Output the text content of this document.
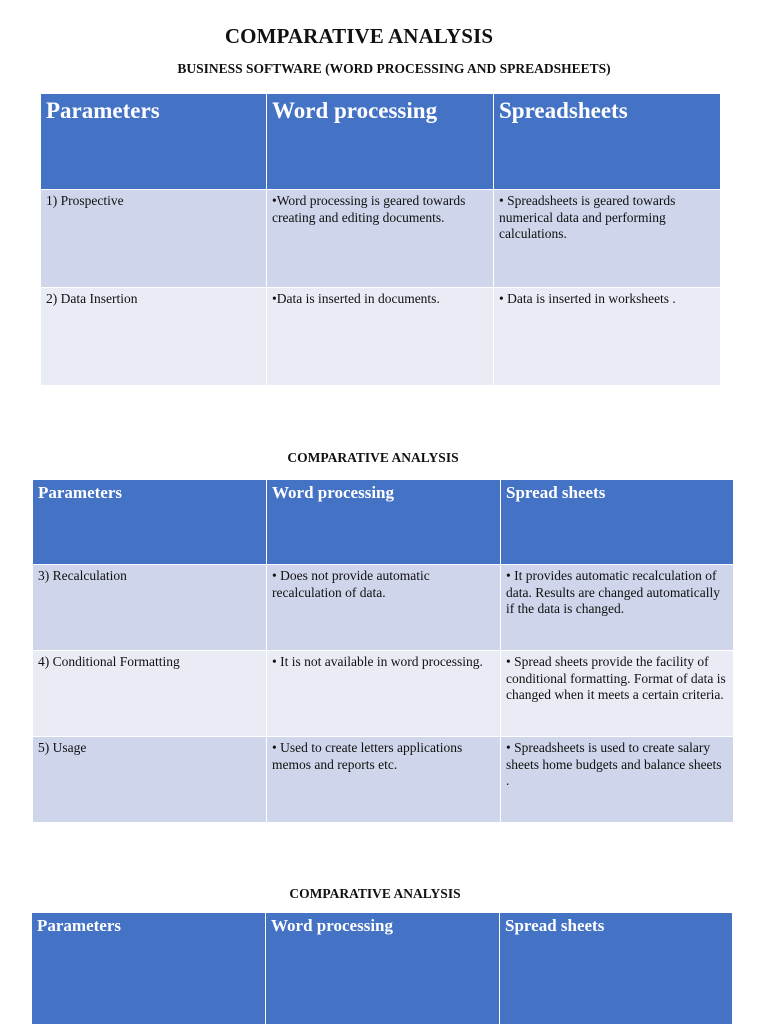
COMPARATIVE ANALYSIS
BUSINESS SOFTWARE (WORD PROCESSING AND SPREADSHEETS)
Parameters	Word processing	Spreadsheets
1) Prospective	•Word processing is geared towards creating and editing documents.	• Spreadsheets is geared towards numerical data and performing calculations.
2) Data Insertion	•Data is inserted in documents.	• Data is inserted in worksheets .
COMPARATIVE ANALYSIS
Parameters	Word processing	Spread sheets
3) Recalculation	• Does not provide automatic recalculation of data.	• It provides automatic recalculation of data. Results are changed automatically if the data is changed.
4) Conditional Formatting	• It is not available in word processing.	• Spread sheets provide the facility of conditional formatting. Format of data is changed when it meets a certain criteria.
5) Usage	• Used to create letters applications memos and reports etc.	• Spreadsheets is used to create salary sheets home budgets and balance sheets .
COMPARATIVE ANALYSIS
Parameters	Word processing	Spread sheets
